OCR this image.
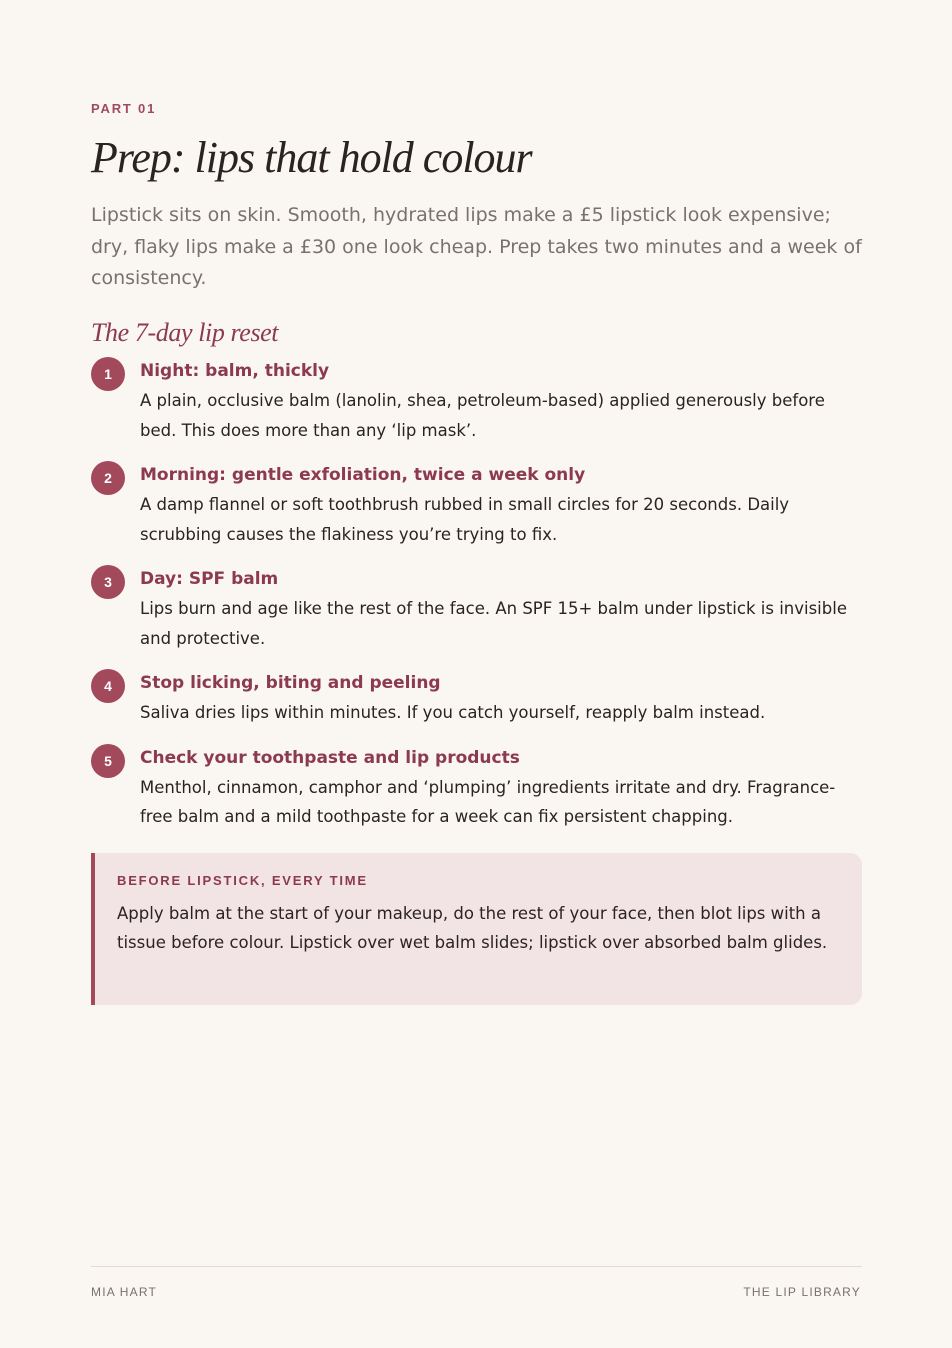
PART 01
Prep: lips that hold colour

Lipstick sits on skin. Smooth, hydrated lips make a £5 lipstick look expensive; dry, flaky lips make a £30 one look cheap. Prep takes two minutes and a week of consistency.

The 7-day lip reset
1	Night: balm, thickly
A plain, occlusive balm (lanolin, shea, petroleum-based) applied generously before bed. This does more than any ‘lip mask’.
2	Morning: gentle exfoliation, twice a week only
A damp flannel or soft toothbrush rubbed in small circles for 20 seconds. Daily scrubbing causes the flakiness you’re trying to fix.
3	Day: SPF balm
Lips burn and age like the rest of the face. An SPF 15+ balm under lipstick is invisible and protective.
4	Stop licking, biting and peeling
Saliva dries lips within minutes. If you catch yourself, reapply balm instead.
5	Check your toothpaste and lip products
Menthol, cinnamon, camphor and ‘plumping’ ingredients irritate and dry. Fragrance-free balm and a mild toothpaste for a week can fix persistent chapping.
BEFORE LIPSTICK, EVERY TIME
Apply balm at the start of your makeup, do the rest of your face, then blot lips with a tissue before colour. Lipstick over wet balm slides; lipstick over absorbed balm glides.
MIA HART	THE LIP LIBRARY
